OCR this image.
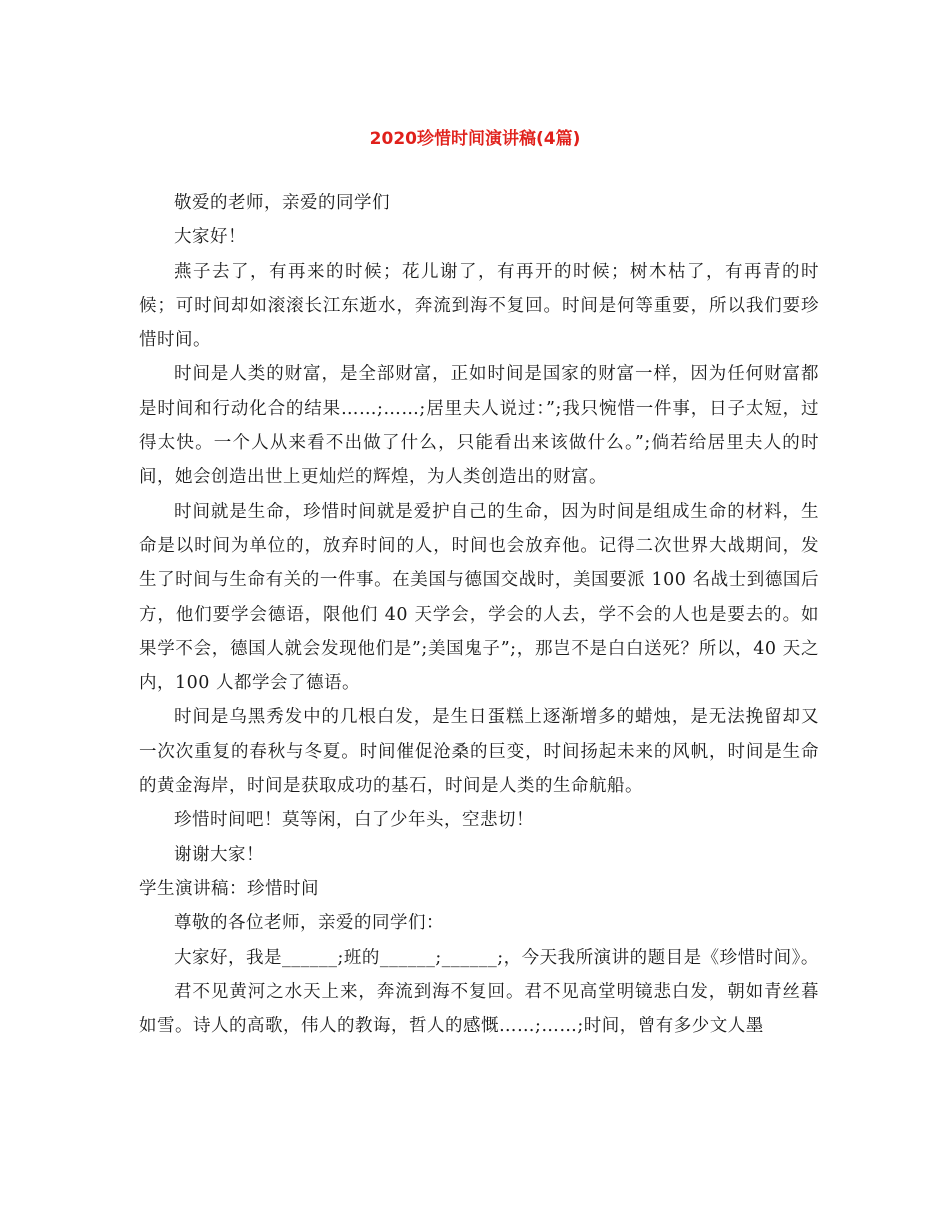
2020珍惜时间演讲稿(4篇)

敬爱的老师，亲爱的同学们

大家好！

燕子去了，有再来的时候；花儿谢了，有再开的时候；树木枯了，有再青的时候；可时间却如滚滚长江东逝水，奔流到海不复回。时间是何等重要，所以我们要珍惜时间。

时间是人类的财富，是全部财富，正如时间是国家的财富一样，因为任何财富都是时间和行动化合的结果……;……;居里夫人说过：”;我只惋惜一件事，日子太短，过得太快。一个人从来看不出做了什么，只能看出来该做什么。”;倘若给居里夫人的时间，她会创造出世上更灿烂的辉煌，为人类创造出的财富。

时间就是生命，珍惜时间就是爱护自己的生命，因为时间是组成生命的材料，生命是以时间为单位的，放弃时间的人，时间也会放弃他。记得二次世界大战期间，发生了时间与生命有关的一件事。在美国与德国交战时，美国要派 100 名战士到德国后方，他们要学会德语，限他们 40 天学会，学会的人去，学不会的人也是要去的。如果学不会，德国人就会发现他们是”;美国鬼子”;，那岂不是白白送死？所以，40 天之内，100 人都学会了德语。

时间是乌黑秀发中的几根白发，是生日蛋糕上逐渐增多的蜡烛，是无法挽留却又一次次重复的春秋与冬夏。时间催促沧桑的巨变，时间扬起未来的风帆，时间是生命的黄金海岸，时间是获取成功的基石，时间是人类的生命航船。

珍惜时间吧！莫等闲，白了少年头，空悲切！

谢谢大家！

学生演讲稿：珍惜时间

尊敬的各位老师，亲爱的同学们：

大家好，我是______;班的______;______;，今天我所演讲的题目是《珍惜时间》。

君不见黄河之水天上来，奔流到海不复回。君不见高堂明镜悲白发，朝如青丝暮如雪。诗人的高歌，伟人的教诲，哲人的感慨……;……;时间，曾有多少文人墨
